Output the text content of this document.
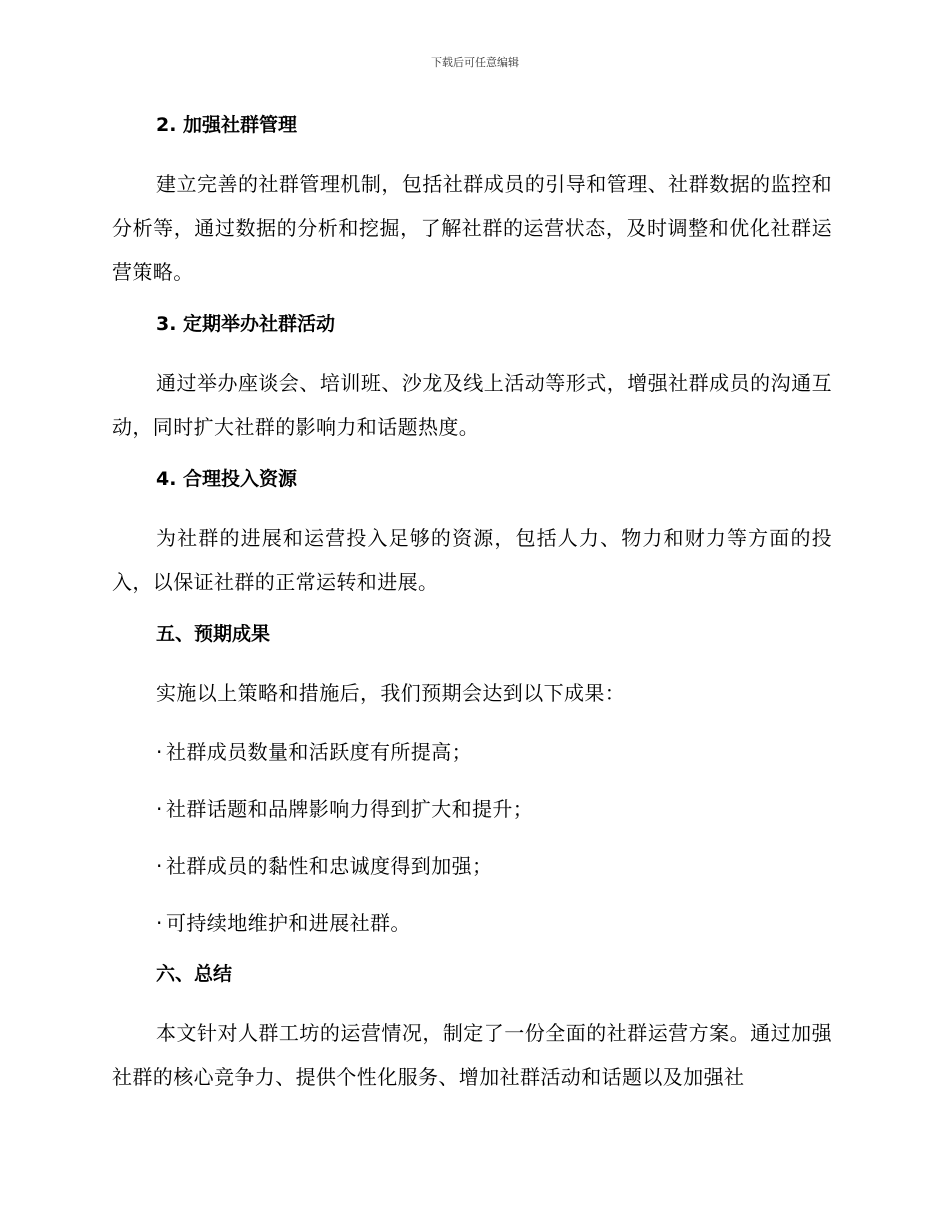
下载后可任意编辑
2. 加强社群管理

建立完善的社群管理机制，包括社群成员的引导和管理、社群数据的监控和分析等，通过数据的分析和挖掘，了解社群的运营状态，及时调整和优化社群运营策略。

3. 定期举办社群活动

通过举办座谈会、培训班、沙龙及线上活动等形式，增强社群成员的沟通互动，同时扩大社群的影响力和话题热度。

4. 合理投入资源

为社群的进展和运营投入足够的资源，包括人力、物力和财力等方面的投入，以保证社群的正常运转和进展。

五、预期成果

实施以上策略和措施后，我们预期会达到以下成果：

· 社群成员数量和活跃度有所提高；
· 社群话题和品牌影响力得到扩大和提升；
· 社群成员的黏性和忠诚度得到加强；
· 可持续地维护和进展社群。
六、总结

本文针对人群工坊的运营情况，制定了一份全面的社群运营方案。通过加强社群的核心竞争力、提供个性化服务、增加社群活动和话题以及加强社
